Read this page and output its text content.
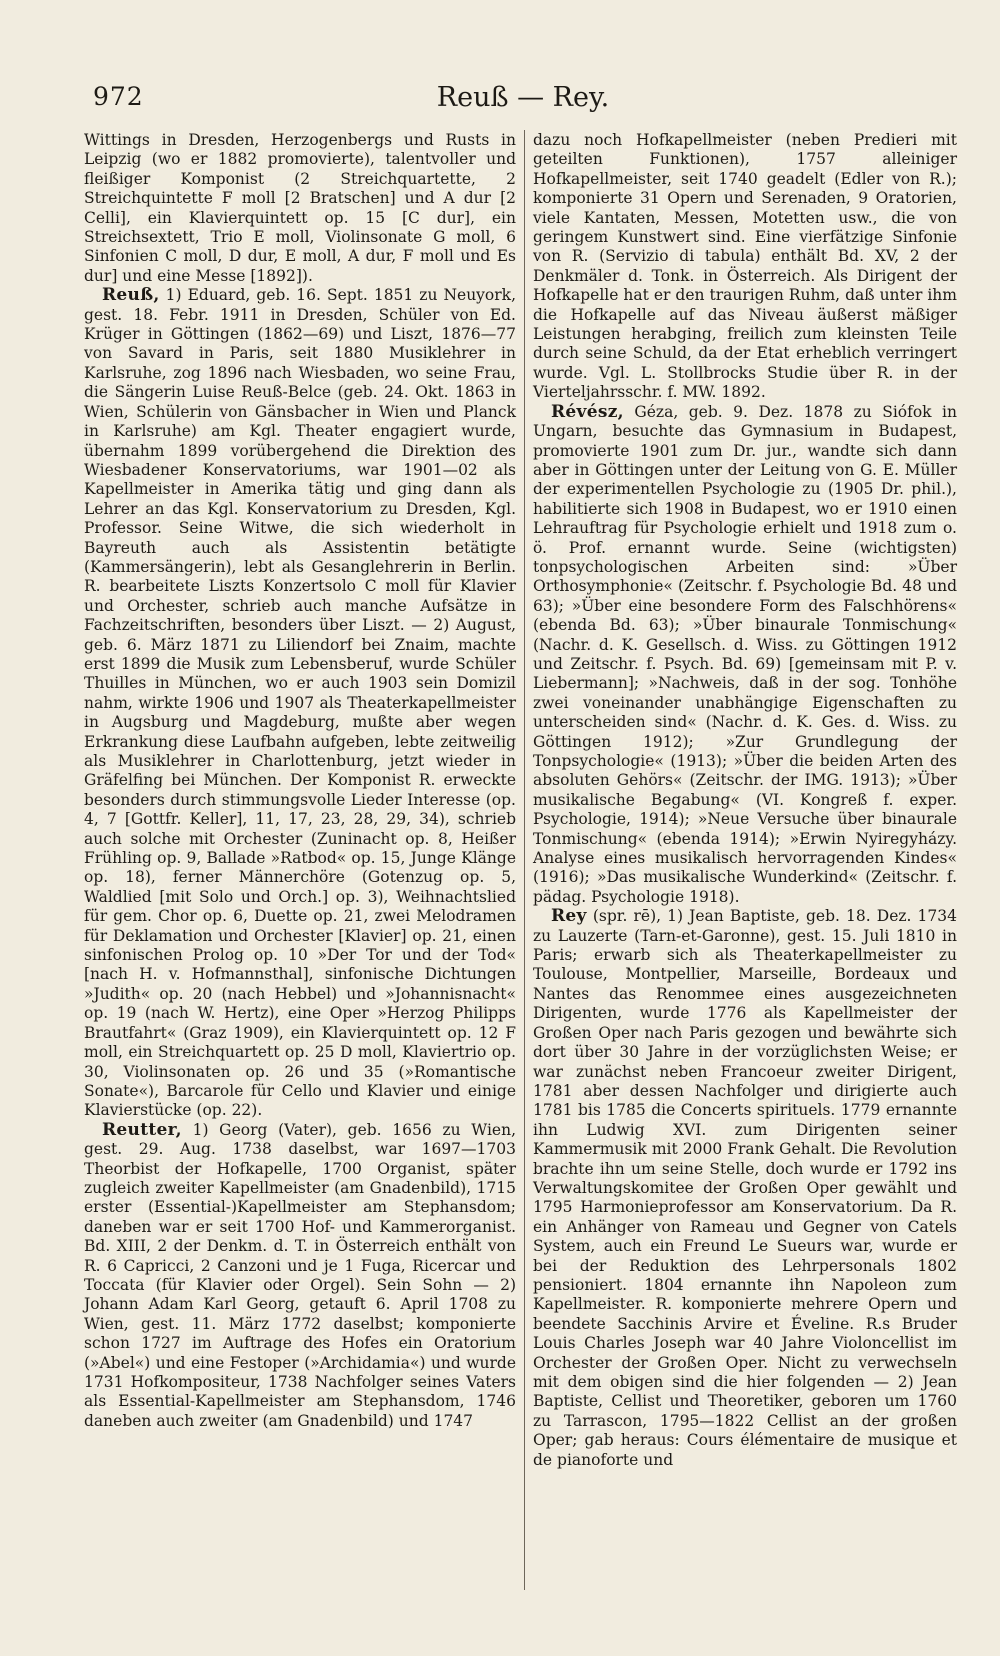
972	Reuß — Rey.

Wittings in Dresden, Herzogenbergs und Rusts in Leipzig (wo er 1882 promovierte), talentvoller und fleißiger Komponist (2 Streichquartette, 2 Streichquintette F moll [2 Bratschen] und A dur [2 Celli], ein Klavierquintett op. 15 [C dur], ein Streichsextett, Trio E moll, Violinsonate G moll, 6 Sinfonien C moll, D dur, E moll, A dur, F moll und Es dur] und eine Messe [1892]).

Reuß, 1) Eduard, geb. 16. Sept. 1851 zu Neuyork, gest. 18. Febr. 1911 in Dresden, Schüler von Ed. Krüger in Göttingen (1862—69) und Liszt, 1876—77 von Savard in Paris, seit 1880 Musiklehrer in Karlsruhe, zog 1896 nach Wiesbaden, wo seine Frau, die Sängerin Luise Reuß-Belce (geb. 24. Okt. 1863 in Wien, Schülerin von Gänsbacher in Wien und Planck in Karlsruhe) am Kgl. Theater engagiert wurde, übernahm 1899 vorübergehend die Direktion des Wiesbadener Konservatoriums, war 1901—02 als Kapellmeister in Amerika tätig und ging dann als Lehrer an das Kgl. Konservatorium zu Dresden, Kgl. Professor. Seine Witwe, die sich wiederholt in Bayreuth auch als Assistentin betätigte (Kammersängerin), lebt als Gesanglehrerin in Berlin. R. bearbeitete Liszts Konzertsolo C moll für Klavier und Orchester, schrieb auch manche Aufsätze in Fachzeitschriften, besonders über Liszt. — 2) August, geb. 6. März 1871 zu Liliendorf bei Znaim, machte erst 1899 die Musik zum Lebensberuf, wurde Schüler Thuilles in München, wo er auch 1903 sein Domizil nahm, wirkte 1906 und 1907 als Theaterkapellmeister in Augsburg und Magdeburg, mußte aber wegen Erkrankung diese Laufbahn aufgeben, lebte zeitweilig als Musiklehrer in Charlottenburg, jetzt wieder in Gräfelfing bei München. Der Komponist R. erweckte besonders durch stimmungsvolle Lieder Interesse (op. 4, 7 [Gottfr. Keller], 11, 17, 23, 28, 29, 34), schrieb auch solche mit Orchester (Zuninacht op. 8, Heißer Frühling op. 9, Ballade »Ratbod« op. 15, Junge Klänge op. 18), ferner Männerchöre (Gotenzug op. 5, Waldlied [mit Solo und Orch.] op. 3), Weihnachtslied für gem. Chor op. 6, Duette op. 21, zwei Melodramen für Deklamation und Orchester [Klavier] op. 21, einen sinfonischen Prolog op. 10 »Der Tor und der Tod« [nach H. v. Hofmannsthal], sinfonische Dichtungen »Judith« op. 20 (nach Hebbel) und »Johannisnacht« op. 19 (nach W. Hertz), eine Oper »Herzog Philipps Brautfahrt« (Graz 1909), ein Klavierquintett op. 12 F moll, ein Streichquartett op. 25 D moll, Klaviertrio op. 30, Violinsonaten op. 26 und 35 (»Romantische Sonate«), Barcarole für Cello und Klavier und einige Klavierstücke (op. 22).

Reutter, 1) Georg (Vater), geb. 1656 zu Wien, gest. 29. Aug. 1738 daselbst, war 1697—1703 Theorbist der Hofkapelle, 1700 Organist, später zugleich zweiter Kapellmeister (am Gnadenbild), 1715 erster (Essential-)Kapellmeister am Stephansdom; daneben war er seit 1700 Hof- und Kammerorganist. Bd. XIII, 2 der Denkm. d. T. in Österreich enthält von R. 6 Capricci, 2 Canzoni und je 1 Fuga, Ricercar und Toccata (für Klavier oder Orgel). Sein Sohn — 2) Johann Adam Karl Georg, getauft 6. April 1708 zu Wien, gest. 11. März 1772 daselbst; komponierte schon 1727 im Auftrage des Hofes ein Oratorium (»Abel«) und eine Festoper (»Archidamia«) und wurde 1731 Hofkompositeur, 1738 Nachfolger seines Vaters als Essential-Kapellmeister am Stephansdom, 1746 daneben auch zweiter (am Gnadenbild) und 1747

dazu noch Hofkapellmeister (neben Predieri mit geteilten Funktionen), 1757 alleiniger Hofkapellmeister, seit 1740 geadelt (Edler von R.); komponierte 31 Opern und Serenaden, 9 Oratorien, viele Kantaten, Messen, Motetten usw., die von geringem Kunstwert sind. Eine vierfätzige Sinfonie von R. (Servizio di tabula) enthält Bd. XV, 2 der Denkmäler d. Tonk. in Österreich. Als Dirigent der Hofkapelle hat er den traurigen Ruhm, daß unter ihm die Hofkapelle auf das Niveau äußerst mäßiger Leistungen herabging, freilich zum kleinsten Teile durch seine Schuld, da der Etat erheblich verringert wurde. Vgl. L. Stollbrocks Studie über R. in der Vierteljahrsschr. f. MW. 1892.

Révész, Géza, geb. 9. Dez. 1878 zu Siófok in Ungarn, besuchte das Gymnasium in Budapest, promovierte 1901 zum Dr. jur., wandte sich dann aber in Göttingen unter der Leitung von G. E. Müller der experimentellen Psychologie zu (1905 Dr. phil.), habilitierte sich 1908 in Budapest, wo er 1910 einen Lehrauftrag für Psychologie erhielt und 1918 zum o. ö. Prof. ernannt wurde. Seine (wichtigsten) tonpsychologischen Arbeiten sind: »Über Orthosymphonie« (Zeitschr. f. Psychologie Bd. 48 und 63); »Über eine besondere Form des Falschhörens« (ebenda Bd. 63); »Über binaurale Tonmischung« (Nachr. d. K. Gesellsch. d. Wiss. zu Göttingen 1912 und Zeitschr. f. Psych. Bd. 69) [gemeinsam mit P. v. Liebermann]; »Nachweis, daß in der sog. Tonhöhe zwei voneinander unabhängige Eigenschaften zu unterscheiden sind« (Nachr. d. K. Ges. d. Wiss. zu Göttingen 1912); »Zur Grundlegung der Tonpsychologie« (1913); »Über die beiden Arten des absoluten Gehörs« (Zeitschr. der IMG. 1913); »Über musikalische Begabung« (VI. Kongreß f. exper. Psychologie, 1914); »Neue Versuche über binaurale Tonmischung« (ebenda 1914); »Erwin Nyiregyházy. Analyse eines musikalisch hervorragenden Kindes« (1916); »Das musikalische Wunderkind« (Zeitschr. f. pädag. Psychologie 1918).

Rey (spr. rē), 1) Jean Baptiste, geb. 18. Dez. 1734 zu Lauzerte (Tarn-et-Garonne), gest. 15. Juli 1810 in Paris; erwarb sich als Theaterkapellmeister zu Toulouse, Montpellier, Marseille, Bordeaux und Nantes das Renommee eines ausgezeichneten Dirigenten, wurde 1776 als Kapellmeister der Großen Oper nach Paris gezogen und bewährte sich dort über 30 Jahre in der vorzüglichsten Weise; er war zunächst neben Francoeur zweiter Dirigent, 1781 aber dessen Nachfolger und dirigierte auch 1781 bis 1785 die Concerts spirituels. 1779 ernannte ihn Ludwig XVI. zum Dirigenten seiner Kammermusik mit 2000 Frank Gehalt. Die Revolution brachte ihn um seine Stelle, doch wurde er 1792 ins Verwaltungskomitee der Großen Oper gewählt und 1795 Harmonieprofessor am Konservatorium. Da R. ein Anhänger von Rameau und Gegner von Catels System, auch ein Freund Le Sueurs war, wurde er bei der Reduktion des Lehrpersonals 1802 pensioniert. 1804 ernannte ihn Napoleon zum Kapellmeister. R. komponierte mehrere Opern und beendete Sacchinis Arvire et Éveline. R.s Bruder Louis Charles Joseph war 40 Jahre Violoncellist im Orchester der Großen Oper. Nicht zu verwechseln mit dem obigen sind die hier folgenden — 2) Jean Baptiste, Cellist und Theoretiker, geboren um 1760 zu Tarrascon, 1795—1822 Cellist an der großen Oper; gab heraus: Cours élémentaire de musique et de pianoforte und
